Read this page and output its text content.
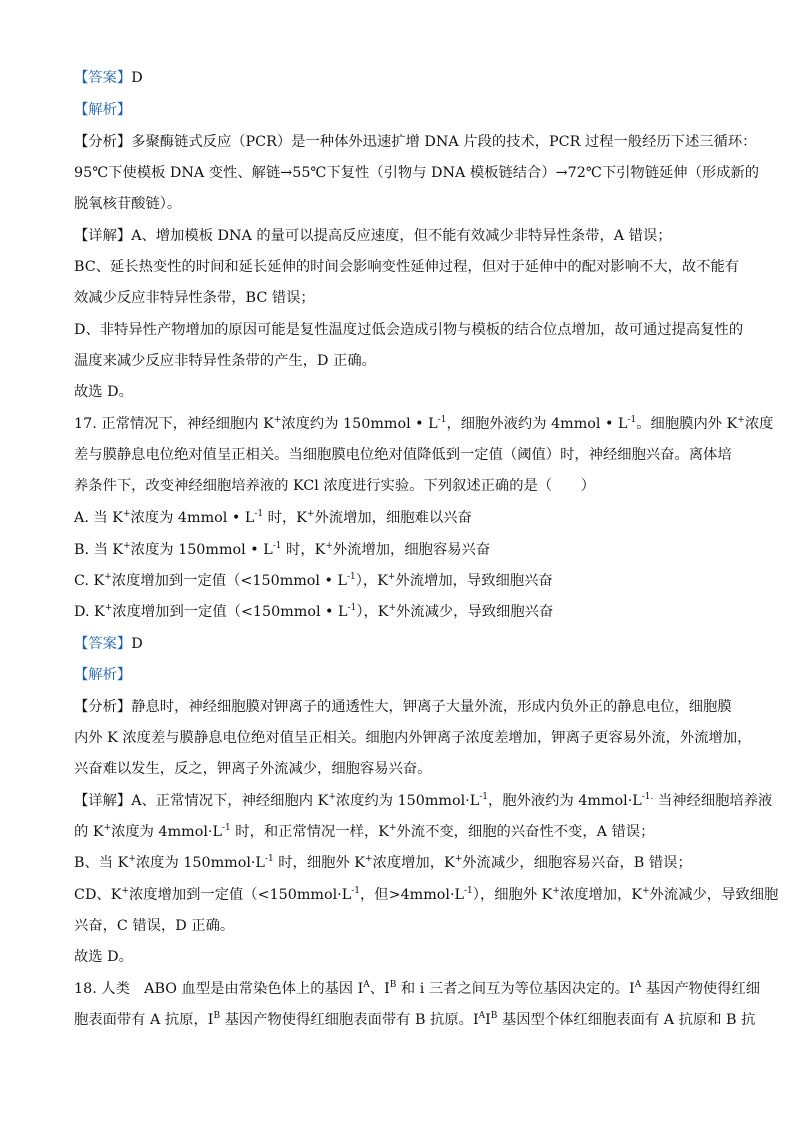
【答案】D
【解析】
【分析】多聚酶链式反应（PCR）是一种体外迅速扩增 DNA 片段的技术，PCR 过程一般经历下述三循环：
95℃下使模板 DNA 变性、解链→55℃下复性（引物与 DNA 模板链结合）→72℃下引物链延伸（形成新的
脱氧核苷酸链）。
【详解】A、增加模板 DNA 的量可以提高反应速度，但不能有效减少非特异性条带，A 错误；
BC、延长热变性的时间和延长延伸的时间会影响变性延伸过程，但对于延伸中的配对影响不大，故不能有
效减少反应非特异性条带，BC 错误；
D、非特异性产物增加的原因可能是复性温度过低会造成引物与模板的结合位点增加，故可通过提高复性的
温度来减少反应非特异性条带的产生，D 正确。
故选 D。
17. 正常情况下，神经细胞内 K+浓度约为 150mmol • $L^{-1}$，细胞外液约为 4mmol • $L^{-1}$。细胞膜内外 K+浓度
差与膜静息电位绝对值呈正相关。当细胞膜电位绝对值降低到一定值（阈值）时，神经细胞兴奋。离体培
养条件下，改变神经细胞培养液的 KCl 浓度进行实验。下列叙述正确的是（　　）
A. 当 K+浓度为 4mmol • $L^{-1}$ 时，K+外流增加，细胞难以兴奋
B. 当 K+浓度为 150mmol • $L^{-1}$ 时，K+外流增加，细胞容易兴奋
C. K+浓度增加到一定值（<150mmol • $L^{-1}$），K+外流增加，导致细胞兴奋
D. K+浓度增加到一定值（<150mmol • $L^{-1}$），K+外流减少，导致细胞兴奋
【答案】D
【解析】
【分析】静息时，神经细胞膜对钾离子的通透性大，钾离子大量外流，形成内负外正的静息电位，细胞膜
内外 K 浓度差与膜静息电位绝对值呈正相关。细胞内外钾离子浓度差增加，钾离子更容易外流，外流增加，
兴奋难以发生，反之，钾离子外流减少，细胞容易兴奋。
【详解】A、正常情况下，神经细胞内 K+浓度约为 $150mmol\cdot L^{-1}$，胞外液约为 $4mmol\cdot L^{-1.}$ 当神经细胞培养液
的 K+浓度为 $4mmol\cdot L^{-1}$ 时，和正常情况一样，K+外流不变，细胞的兴奋性不变，A 错误；
B、当 K+浓度为 $150mmol\cdot L^{-1}$ 时，细胞外 K+浓度增加，K+外流减少，细胞容易兴奋，B 错误；
CD、K+浓度增加到一定值（$<150mmol\cdot L^{-1}$，但$>4mmol\cdot L^{-1}$），细胞外 K+浓度增加，K+外流减少，导致细胞
兴奋，C 错误，D 正确。
故选 D。
18. 人类　ABO 血型是由常染色体上的基因 $I^A$、$I^B$ 和 i 三者之间互为等位基因决定的。$I^A$ 基因产物使得红细
胞表面带有 A 抗原，$I^B$ 基因产物使得红细胞表面带有 B 抗原。$I^AI^B$ 基因型个体红细胞表面有 A 抗原和 B 抗
